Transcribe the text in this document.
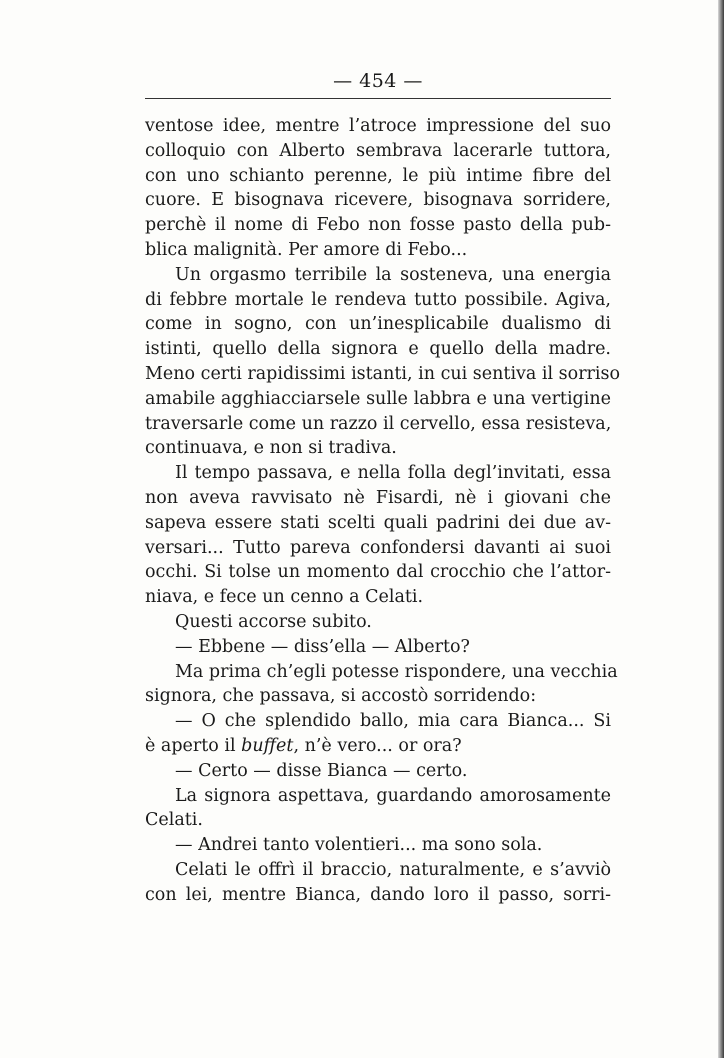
— 454 —
ventose idee, mentre l’atroce impressione del suo
colloquio con Alberto sembrava lacerarle tuttora,
con uno schianto perenne, le più intime fibre del
cuore. E bisognava ricevere, bisognava sorridere,
perchè il nome di Febo non fosse pasto della pub-
blica malignità. Per amore di Febo...
Un orgasmo terribile la sosteneva, una energia
di febbre mortale le rendeva tutto possibile. Agiva,
come in sogno, con un’inesplicabile dualismo di
istinti, quello della signora e quello della madre.
Meno certi rapidissimi istanti, in cui sentiva il sorriso
amabile agghiacciarsele sulle labbra e una vertigine
traversarle come un razzo il cervello, essa resisteva,
continuava, e non si tradiva.
Il tempo passava, e nella folla degl’invitati, essa
non aveva ravvisato nè Fisardi, nè i giovani che
sapeva essere stati scelti quali padrini dei due av-
versari... Tutto pareva confondersi davanti ai suoi
occhi. Si tolse un momento dal crocchio che l’attor-
niava, e fece un cenno a Celati.
Questi accorse subito.
— Ebbene — diss’ella — Alberto?
Ma prima ch’egli potesse rispondere, una vecchia
signora, che passava, si accostò sorridendo:
— O che splendido ballo, mia cara Bianca... Si
è aperto il buffet, n’è vero... or ora?
— Certo — disse Bianca — certo.
La signora aspettava, guardando amorosamente
Celati.
— Andrei tanto volentieri... ma sono sola.
Celati le offrì il braccio, naturalmente, e s’avviò
con lei, mentre Bianca, dando loro il passo, sorri-
